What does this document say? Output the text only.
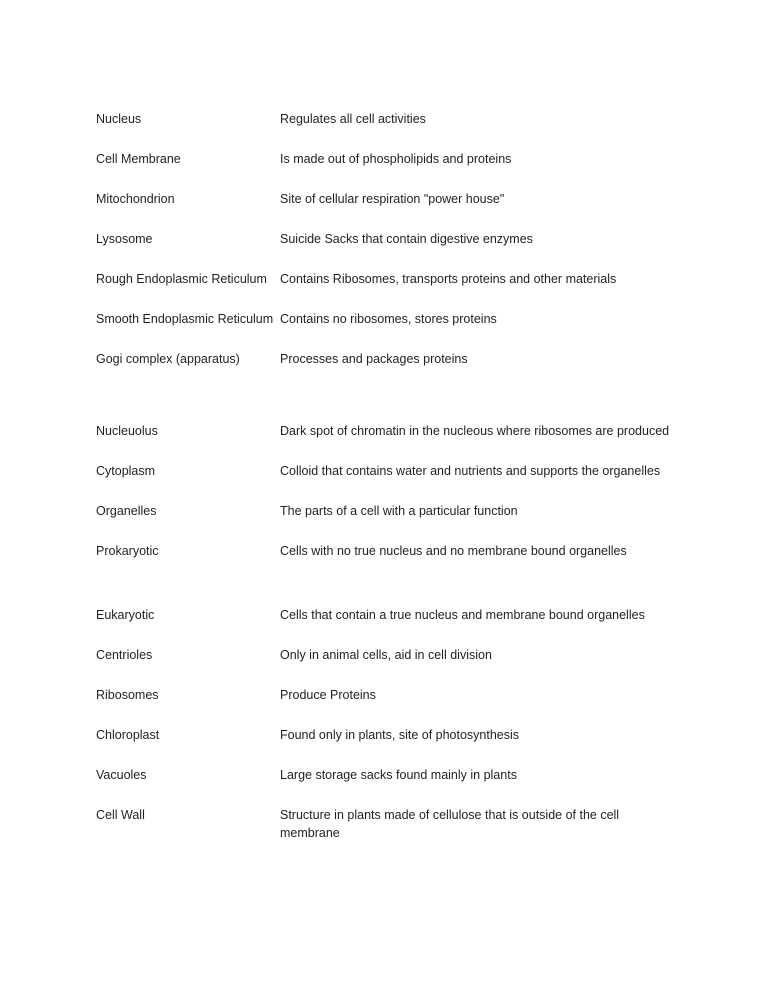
Nucleus	Regulates all cell activities
Cell Membrane	Is made out of phospholipids and proteins
Mitochondrion	Site of cellular respiration "power house"
Lysosome	Suicide Sacks that contain digestive enzymes
Rough Endoplasmic Reticulum	Contains Ribosomes, transports proteins and other materials
Smooth Endoplasmic Reticulum Contains no ribosomes, stores proteins
Gogi complex (apparatus)	Processes and packages proteins
Nucleuolus	Dark spot of chromatin in the nucleous where ribosomes are produced
Cytoplasm	Colloid that contains water and nutrients and supports the organelles
Organelles	The parts of a cell with a particular function
Prokaryotic	Cells with no true nucleus and no membrane bound organelles
Eukaryotic	Cells that contain a true nucleus and membrane bound organelles
Centrioles	Only in animal cells, aid in cell division
Ribosomes	Produce Proteins
Chloroplast	Found only in plants, site of photosynthesis
Vacuoles	Large storage sacks found mainly in plants
Cell Wall	Structure in plants made of cellulose that is outside of the cell membrane
